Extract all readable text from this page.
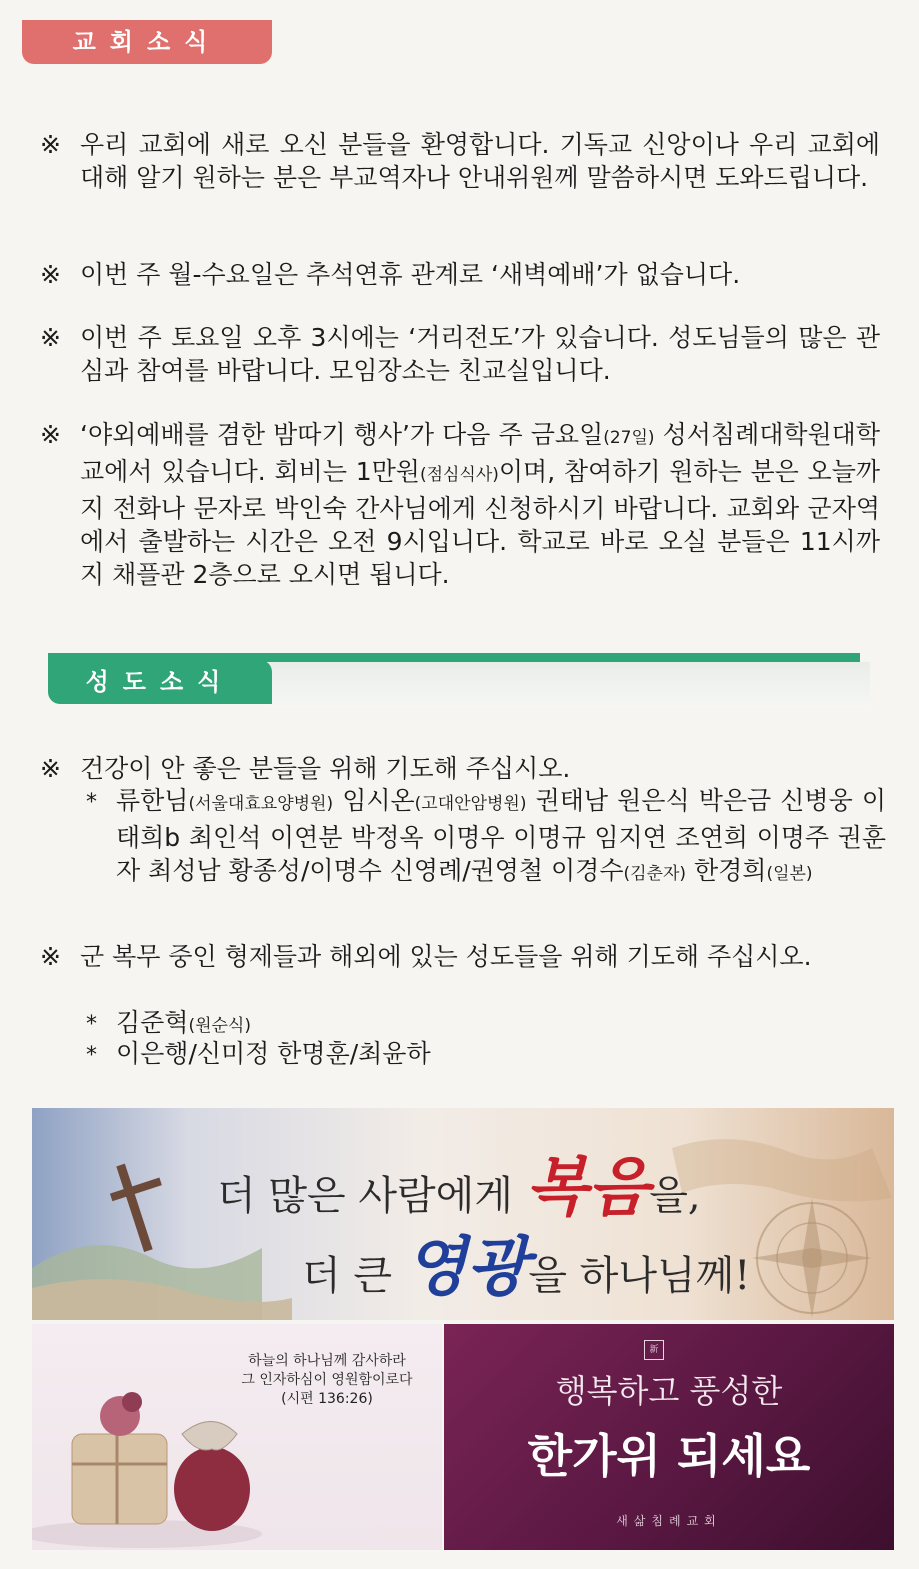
교회소식
※ 우리 교회에 새로 오신 분들을 환영합니다. 기독교 신앙이나 우리 교회에 대해 알기 원하는 분은 부교역자나 안내위원께 말씀하시면 도와드립니다.
※ 이번 주 월-수요일은 추석연휴 관계로 ‘새벽예배’가 없습니다.
※ 이번 주 토요일 오후 3시에는 ‘거리전도’가 있습니다. 성도님들의 많은 관심과 참여를 바랍니다. 모임장소는 친교실입니다.
※ ‘야외예배를 겸한 밤따기 행사’가 다음 주 금요일(27일) 성서침례대학원대학교에서 있습니다. 회비는 1만원(점심식사)이며, 참여하기 원하는 분은 오늘까지 전화나 문자로 박인숙 간사님에게 신청하시기 바랍니다. 교회와 군자역에서 출발하는 시간은 오전 9시입니다. 학교로 바로 오실 분들은 11시까지 채플관 2층으로 오시면 됩니다.
성도소식
※ 건강이 안 좋은 분들을 위해 기도해 주십시오.
* 류한님(서울대효요양병원) 임시온(고대안암병원) 권태남 원은식 박은금 신병웅 이태희b 최인석 이연분 박정옥 이명우 이명규 임지연 조연희 이명주 권훈자 최성남 황종성/이명수 신영례/권영철 이경수(김춘자) 한경희(일본)
※ 군 복무 중인 형제들과 해외에 있는 성도들을 위해 기도해 주십시오.
* 김준혁(원순식)
* 이은행/신미정 한명훈/최윤하
더 많은 사람에게 복음을,
더 큰 영광을 하나님께!
하늘의 하나님께 감사하라
그 인자하심이 영원함이로다
(시편 136:26)
新
행복하고 풍성한
한가위 되세요
새삶침례교회
